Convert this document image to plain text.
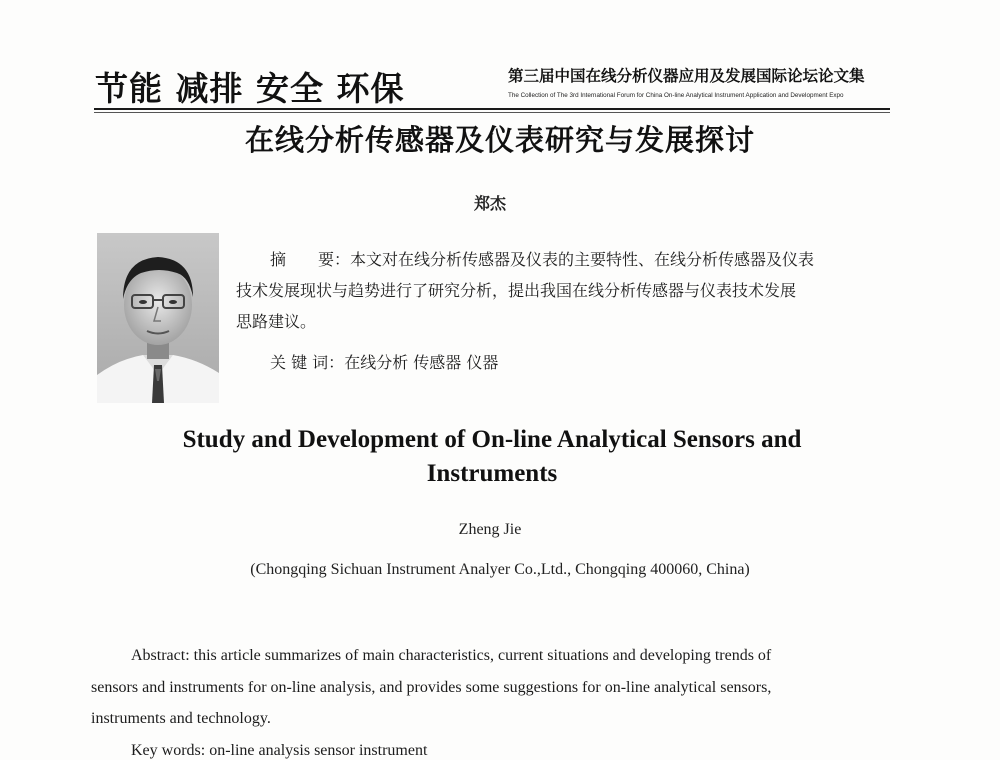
节能 减排 安全 环保	第三届中国在线分析仪器应用及发展国际论坛论文集
The Collection of The 3rd International Forum for China On-line Analytical Instrument Application and Development Expo
在线分析传感器及仪表研究与发展探讨
郑杰

摘　　要：本文对在线分析传感器及仪表的主要特性、在线分析传感器及仪表

技术发展现状与趋势进行了研究分析，提出我国在线分析传感器与仪表技术发展

思路建议。

关 键 词：在线分析 传感器 仪器
Study and Development of On-line Analytical Sensors and
Instruments
Zheng Jie
(Chongqing Sichuan Instrument Analyer Co.,Ltd., Chongqing 400060, China)

Abstract: this article summarizes of main characteristics, current situations and developing trends of

sensors and instruments for on-line analysis, and provides some suggestions for on-line analytical sensors,

instruments and technology.

Key words: on-line analysis sensor instrument
